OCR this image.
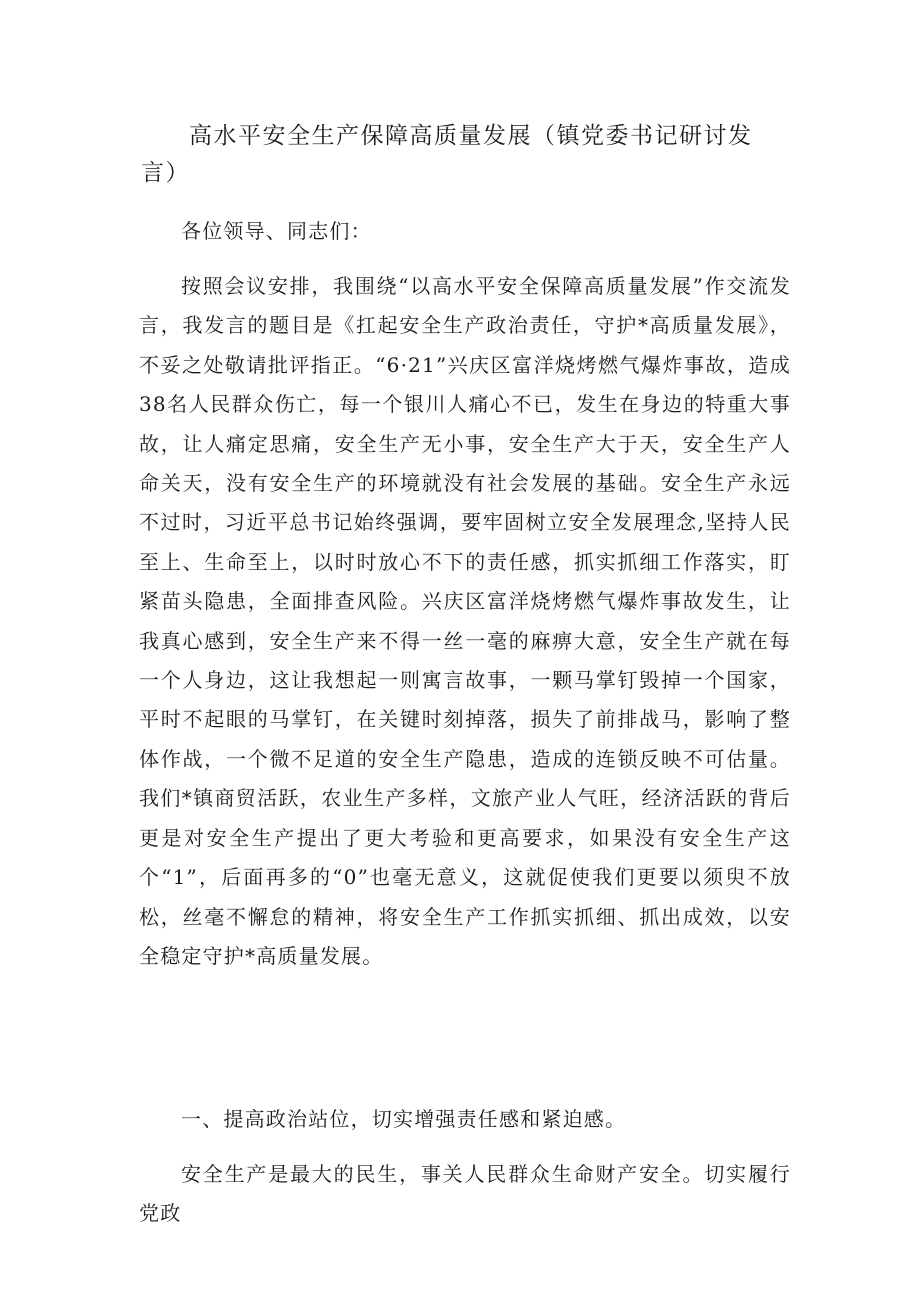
高水平安全生产保障高质量发展（镇党委书记研讨发言）

各位领导、同志们：

按照会议安排，我围绕“以高水平安全保障高质量发展”作交流发言，我发言的题目是《扛起安全生产政治责任，守护*高质量发展》，不妥之处敬请批评指正。“6·21”兴庆区富洋烧烤燃气爆炸事故，造成38名人民群众伤亡，每一个银川人痛心不已，发生在身边的特重大事故，让人痛定思痛，安全生产无小事，安全生产大于天，安全生产人命关天，没有安全生产的环境就没有社会发展的基础。安全生产永远不过时，习近平总书记始终强调，要牢固树立安全发展理念,坚持人民至上、生命至上，以时时放心不下的责任感，抓实抓细工作落实，盯紧苗头隐患，全面排查风险。兴庆区富洋烧烤燃气爆炸事故发生，让我真心感到，安全生产来不得一丝一毫的麻痹大意，安全生产就在每一个人身边，这让我想起一则寓言故事，一颗马掌钉毁掉一个国家，平时不起眼的马掌钉，在关键时刻掉落，损失了前排战马，影响了整体作战，一个微不足道的安全生产隐患，造成的连锁反映不可估量。我们*镇商贸活跃，农业生产多样，文旅产业人气旺，经济活跃的背后更是对安全生产提出了更大考验和更高要求，如果没有安全生产这个“1”，后面再多的“0”也毫无意义，这就促使我们更要以须臾不放松，丝毫不懈怠的精神，将安全生产工作抓实抓细、抓出成效，以安全稳定守护*高质量发展。

一、提高政治站位，切实增强责任感和紧迫感。

安全生产是最大的民生，事关人民群众生命财产安全。切实履行党政
